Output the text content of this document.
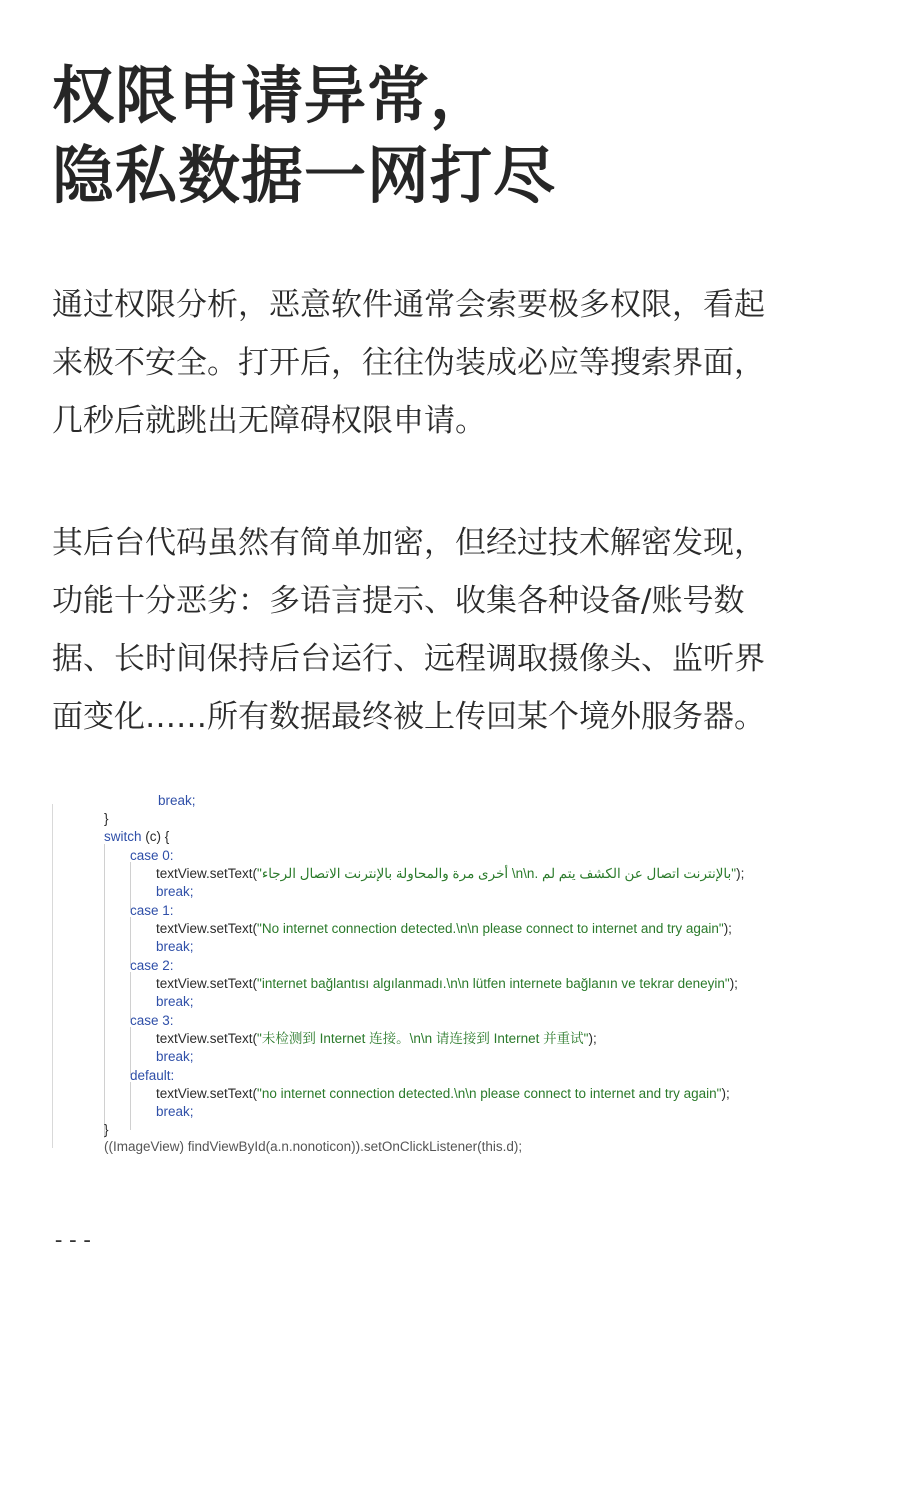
权限申请异常，
隐私数据一网打尽

通过权限分析，恶意软件通常会索要极多权限，看起
来极不安全。打开后，往往伪装成必应等搜索界面，
几秒后就跳出无障碍权限申请。

其后台代码虽然有简单加密，但经过技术解密发现，
功能十分恶劣：多语言提示、收集各种设备/账号数
据、长时间保持后台运行、远程调取摄像头、监听界
面变化……所有数据最终被上传回某个境外服务器。

break;
}
switch (c) {
case 0:
textView.setText("أخرى مرة والمحاولة بالإنترنت الاتصال الرجاء \n\n. بالإنترنت اتصال عن الكشف يتم لم");
break;
case 1:
textView.setText("No internet connection detected.\n\n please connect to internet and try again");
break;
case 2:
textView.setText("internet bağlantısı algılanmadı.\n\n lütfen internete bağlanın ve tekrar deneyin");
break;
case 3:
textView.setText("未检测到 Internet 连接。\n\n 请连接到 Internet 并重试");
break;
default:
textView.setText("no internet connection detected.\n\n please connect to internet and try again");
break;
}
((ImageView) findViewById(a.n.nonoticon)).setOnClickListener(this.d);
---
